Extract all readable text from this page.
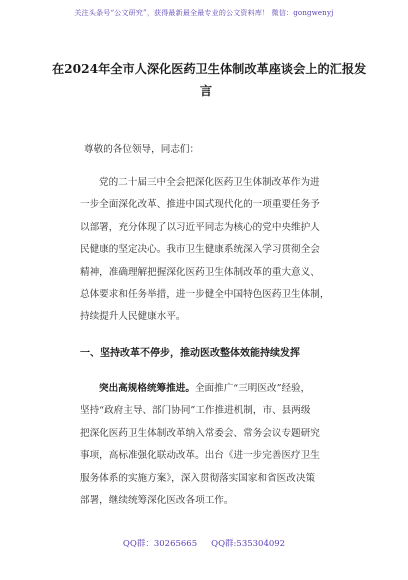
关注头条号“公文研究”，获得最新最全最专业的公文资料库！ 微信：gongwenyj
在2024年全市人深化医药卫生体制改革座谈会上的汇报发
言
尊敬的各位领导，同志们：
党的二十届三中全会把深化医药卫生体制改革作为进
一步全面深化改革、推进中国式现代化的一项重要任务予
以部署，充分体现了以习近平同志为核心的党中央维护人
民健康的坚定决心。我市卫生健康系统深入学习贯彻全会
精神，准确理解把握深化医药卫生体制改革的重大意义、
总体要求和任务举措，进一步健全中国特色医药卫生体制，
持续提升人民健康水平。
一、坚持改革不停步，推动医改整体效能持续发挥
突出高规格统筹推进。全面推广“三明医改”经验，
坚持“政府主导、部门协同”工作推进机制，市、县两级
把深化医药卫生体制改革纳入常委会、常务会议专题研究
事项，高标准强化联动改革。出台《进一步完善医疗卫生
服务体系的实施方案》，深入贯彻落实国家和省医改决策
部署，继续统筹深化医改各项工作。
QQ群：30265665 QQ群:535304092
